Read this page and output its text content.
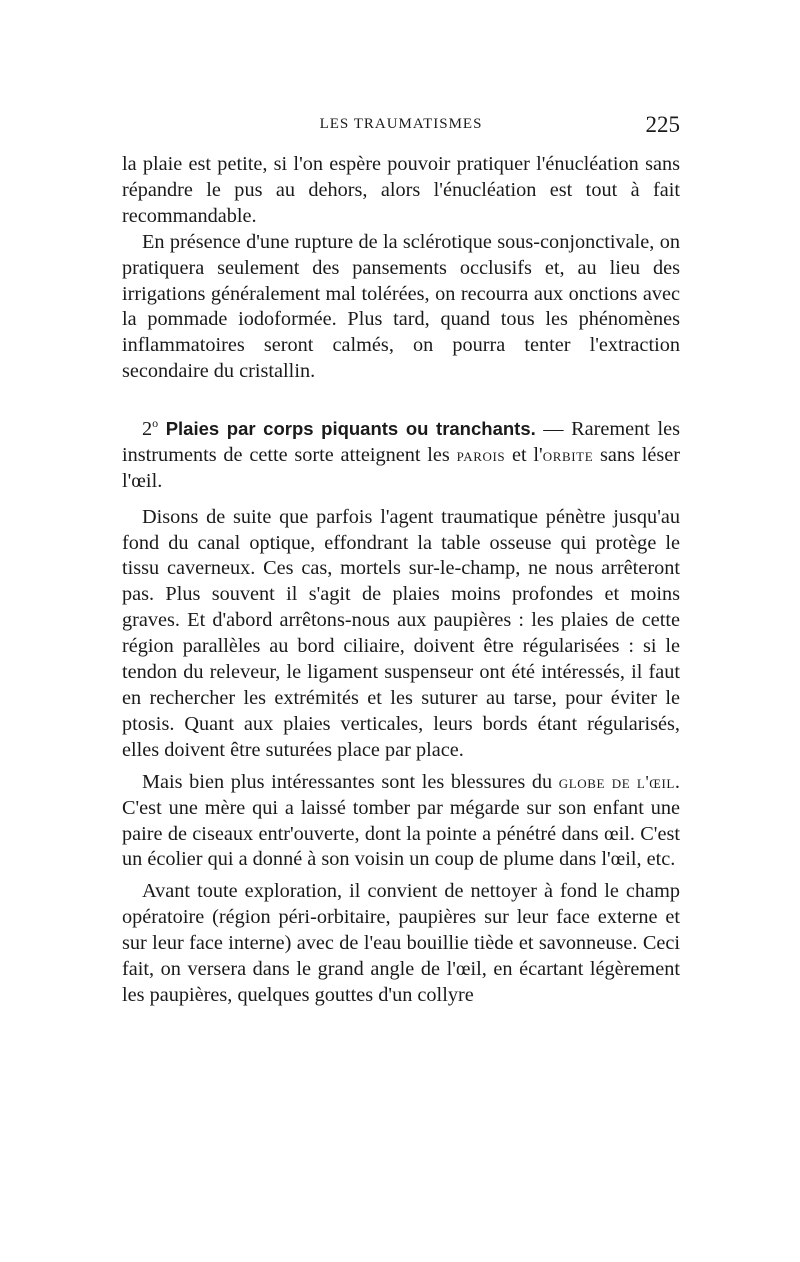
LES TRAUMATISMES	225

la plaie est petite, si l'on espère pouvoir pratiquer l'énucléation sans répandre le pus au dehors, alors l'énucléation est tout à fait recommandable.

En présence d'une rupture de la sclérotique sous-conjonctivale, on pratiquera seulement des pansements occlusifs et, au lieu des irrigations généralement mal tolérées, on recourra aux onctions avec la pommade iodoformée. Plus tard, quand tous les phénomènes inflammatoires seront calmés, on pourra tenter l'extraction secondaire du cristallin.

2$^o$ Plaies par corps piquants ou tranchants. — Rarement les instruments de cette sorte atteignent les parois et l'orbite sans léser l'œil.

Disons de suite que parfois l'agent traumatique pénètre jusqu'au fond du canal optique, effondrant la table osseuse qui protège le tissu caverneux. Ces cas, mortels sur-le-champ, ne nous arrêteront pas. Plus souvent il s'agit de plaies moins profondes et moins graves. Et d'abord arrêtons-nous aux paupières : les plaies de cette région parallèles au bord ciliaire, doivent être régularisées : si le tendon du releveur, le ligament suspenseur ont été intéressés, il faut en rechercher les extrémités et les suturer au tarse, pour éviter le ptosis. Quant aux plaies verticales, leurs bords étant régularisés, elles doivent être suturées place par place.

Mais bien plus intéressantes sont les blessures du globe de l'œil. C'est une mère qui a laissé tomber par mégarde sur son enfant une paire de ciseaux entr'ouverte, dont la pointe a pénétré dans œil. C'est un écolier qui a donné à son voisin un coup de plume dans l'œil, etc.

Avant toute exploration, il convient de nettoyer à fond le champ opératoire (région péri-orbitaire, paupières sur leur face externe et sur leur face interne) avec de l'eau bouillie tiède et savonneuse. Ceci fait, on versera dans le grand angle de l'œil, en écartant légèrement les paupières, quelques gouttes d'un collyre
